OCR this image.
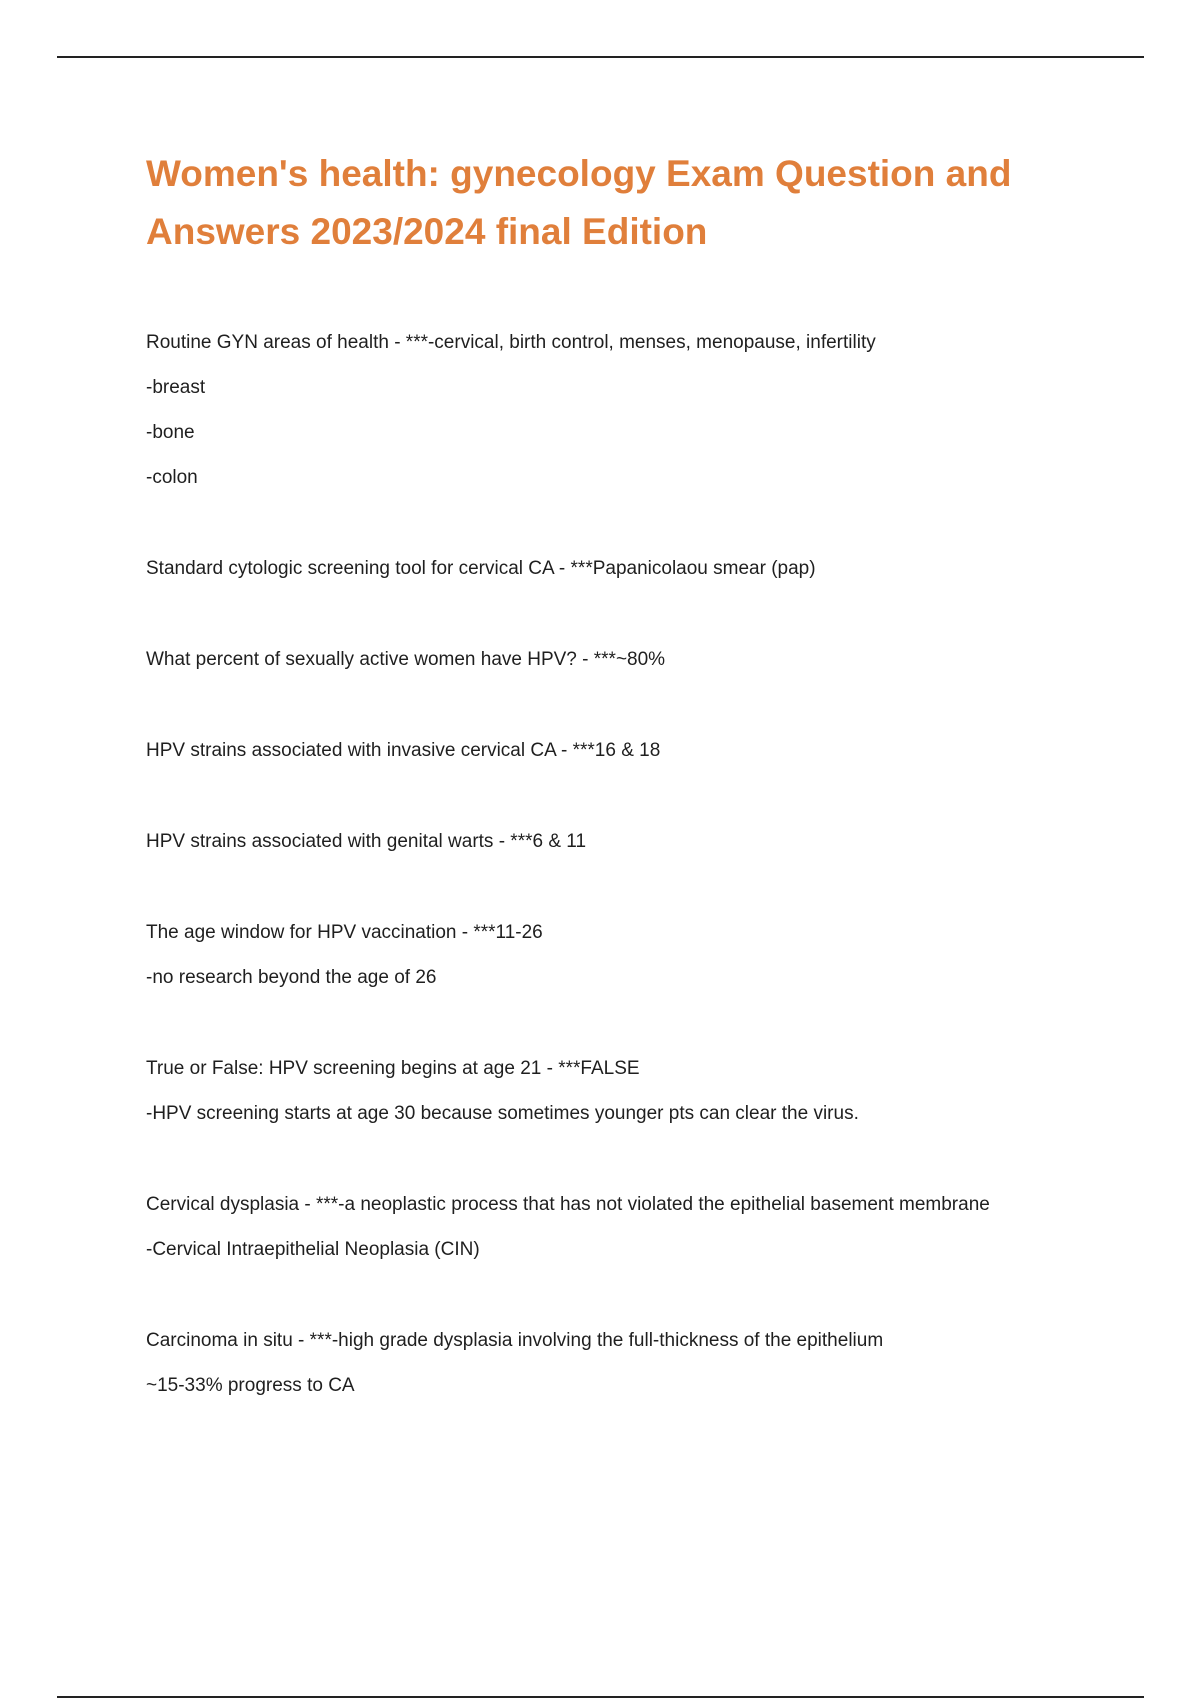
Women's health: gynecology Exam Question and Answers 2023/2024 final Edition
Routine GYN areas of health - ***-cervical, birth control, menses, menopause, infertility
-breast
-bone
-colon
Standard cytologic screening tool for cervical CA - ***Papanicolaou smear (pap)
What percent of sexually active women have HPV? - ***~80%
HPV strains associated with invasive cervical CA - ***16 & 18
HPV strains associated with genital warts - ***6 & 11
The age window for HPV vaccination - ***11-26
-no research beyond the age of 26
True or False: HPV screening begins at age 21 - ***FALSE
-HPV screening starts at age 30 because sometimes younger pts can clear the virus.
Cervical dysplasia - ***-a neoplastic process that has not violated the epithelial basement membrane
-Cervical Intraepithelial Neoplasia (CIN)
Carcinoma in situ - ***-high grade dysplasia involving the full-thickness of the epithelium
~15-33% progress to CA
